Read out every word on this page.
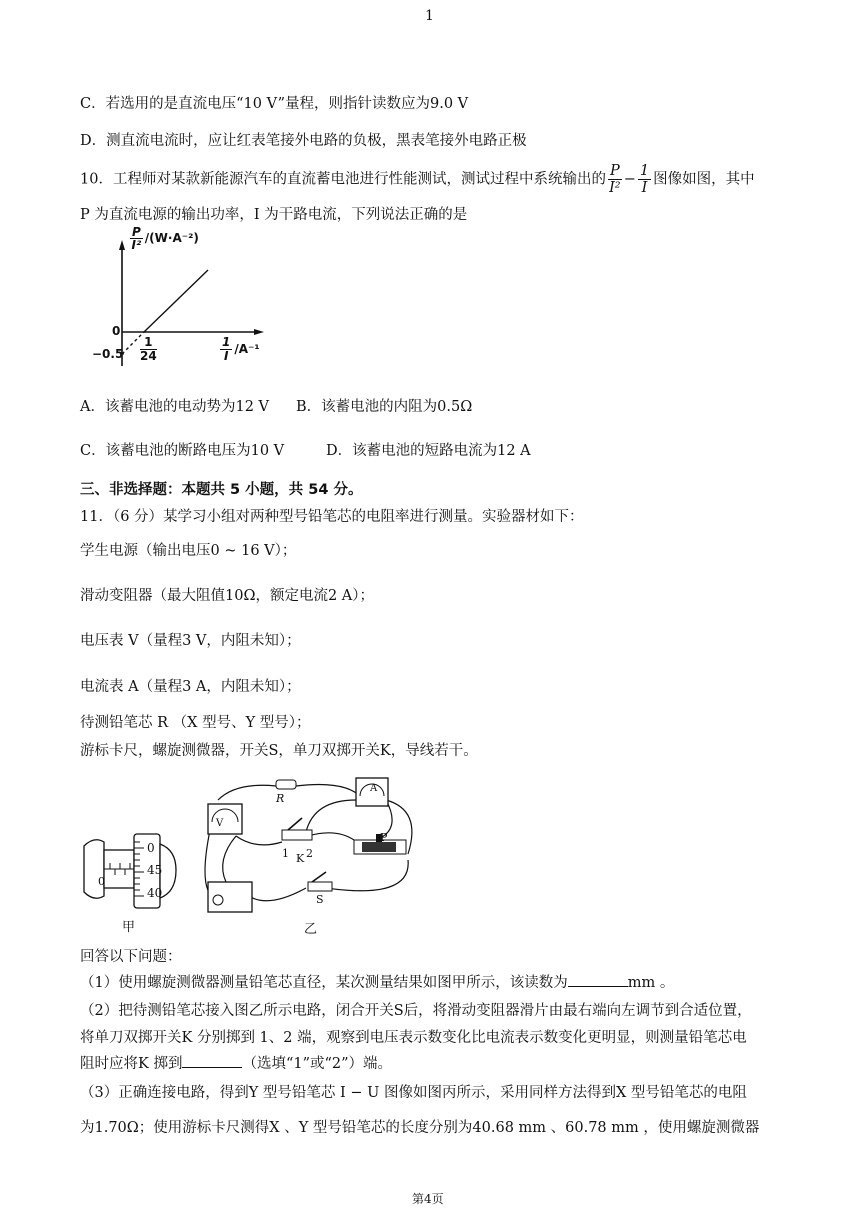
1
C．若选用的是直流电压“10 V”量程，则指针读数应为9.0 V
D．测直流电流时，应让红表笔接外电路的负极，黑表笔接外电路正极
10．工程师对某款新能源汽车的直流蓄电池进行性能测试，测试过程中系统输出的 $\frac{P}{\text{I²}} - \frac{1}{I}$ 图像如图，其中
P 为直流电源的输出功率，I 为干路电流，下列说法正确的是
$\frac{P}{\text{I²}} /(W\cdot A^{-2})$
0
$-0.5 \frac{1}{24}$	$\frac{1}{I} /A^{-1}$
A．该蓄电池的电动势为12 V B．该蓄电池的内阻为0.5Ω
C．该蓄电池的断路电压为10 V	D．该蓄电池的短路电流为12 A
三、非选择题：本题共 5 小题，共 54 分。
11．（6 分）某学习小组对两种型号铅笔芯的电阻率进行测量。实验器材如下：
学生电源（输出电压0 ~ 16 V）；
滑动变阻器（最大阻值10Ω，额定电流2 A）；
电压表 V（量程3 V，内阻未知）；
电流表 A（量程3 A，内阻未知）；
待测铅笔芯 R （X 型号、Y 型号）；
游标卡尺，螺旋测微器，开关S，单刀双掷开关K，导线若干。
0
45
40
0
甲
R
V
A
P
1 K 2
S
乙
回答以下问题：
（1）使用螺旋测微器测量铅笔芯直径，某次测量结果如图甲所示，该读数为	mm 。
（2）把待测铅笔芯接入图乙所示电路，闭合开关S后，将滑动变阻器滑片由最右端向左调节到合适位置，
将单刀双掷开关K 分别掷到 1、2 端，观察到电压表示数变化比电流表示数变化更明显，则测量铅笔芯电
阻时应将K 掷到	（选填“1”或“2”）端。
（3）正确连接电路，得到Y 型号铅笔芯 I − U 图像如图丙所示，采用同样方法得到X 型号铅笔芯的电阻
为1.70Ω；使用游标卡尺测得X 、Y 型号铅笔芯的长度分别为40.68 mm 、60.78 mm ，使用螺旋测微器
第4页
